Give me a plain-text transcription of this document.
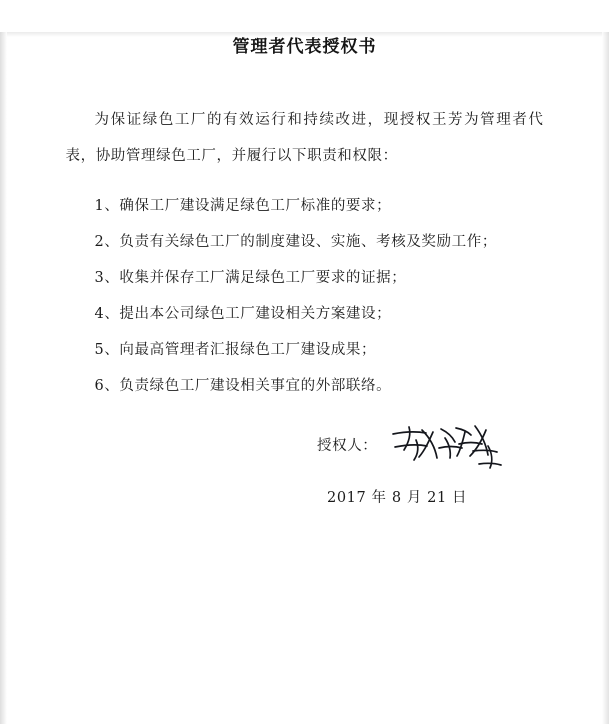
管理者代表授权书

为保证绿色工厂的有效运行和持续改进，现授权王芳为管理者代表，协助管理绿色工厂，并履行以下职责和权限：

1、确保工厂建设满足绿色工厂标准的要求；
2、负责有关绿色工厂的制度建设、实施、考核及奖励工作；
3、收集并保存工厂满足绿色工厂要求的证据；
4、提出本公司绿色工厂建设相关方案建设；
5、向最高管理者汇报绿色工厂建设成果；
6、负责绿色工厂建设相关事宜的外部联络。
授权人：
2017 年 8 月 21 日
